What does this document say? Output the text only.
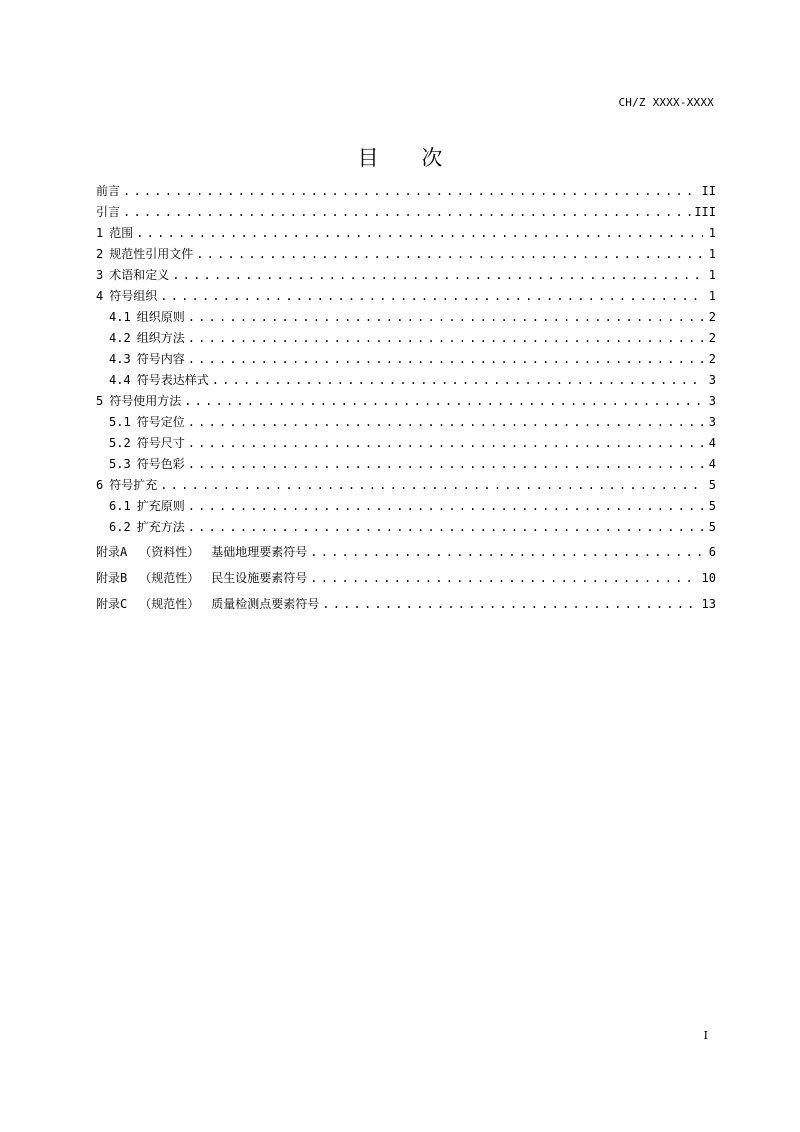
CH/Z XXXX-XXXX
目 次
前言 .....	II
引言 .....	III
1 范围 .....	1
2 规范性引用文件 .....	1
3 术语和定义 .....	1
4 符号组织 .....	1
4.1 组织原则 .....	2
4.2 组织方法 .....	2
4.3 符号内容 .....	2
4.4 符号表达样式 .....	3
5 符号使用方法 .....	3
5.1 符号定位 .....	3
5.2 符号尺寸 .....	4
5.3 符号色彩 .....	4
6 符号扩充 .....	5
6.1 扩充原则 .....	5
6.2 扩充方法 .....	5
附录A （资料性） 基础地理要素符号 .....	6
附录B （规范性） 民生设施要素符号 .....	10
附录C （规范性） 质量检测点要素符号 .....	13
I
